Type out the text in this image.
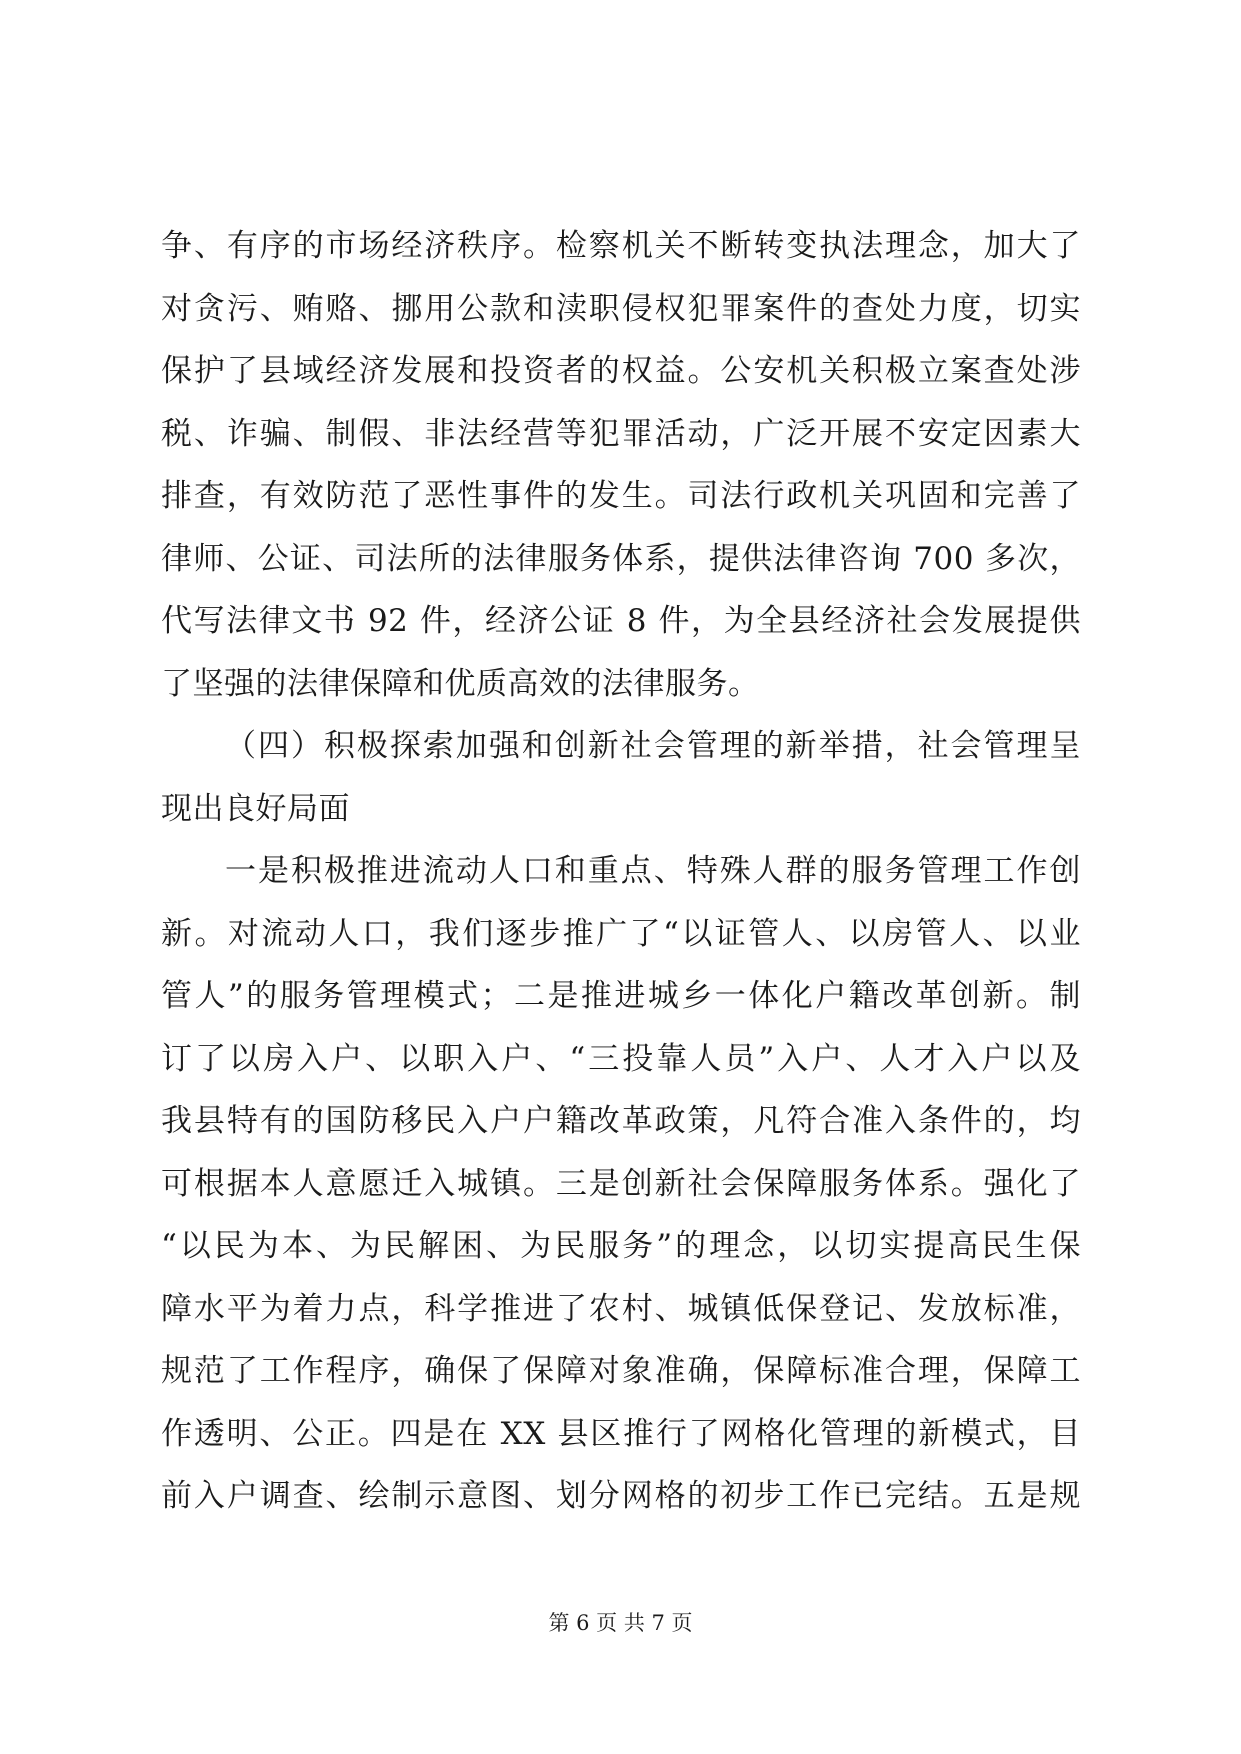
争、有序的市场经济秩序。检察机关不断转变执法理念，加大了
对贪污、贿赂、挪用公款和渎职侵权犯罪案件的查处力度，切实
保护了县域经济发展和投资者的权益。公安机关积极立案查处涉
税、诈骗、制假、非法经营等犯罪活动，广泛开展不安定因素大
排查，有效防范了恶性事件的发生。司法行政机关巩固和完善了
律师、公证、司法所的法律服务体系，提供法律咨询 700 多次，
代写法律文书 92 件，经济公证 8 件，为全县经济社会发展提供
了坚强的法律保障和优质高效的法律服务。
（四）积极探索加强和创新社会管理的新举措，社会管理呈
现出良好局面
一是积极推进流动人口和重点、特殊人群的服务管理工作创
新。对流动人口，我们逐步推广了“以证管人、以房管人、以业
管人”的服务管理模式；二是推进城乡一体化户籍改革创新。制
订了以房入户、以职入户、“三投靠人员”入户、人才入户以及
我县特有的国防移民入户户籍改革政策，凡符合准入条件的，均
可根据本人意愿迁入城镇。三是创新社会保障服务体系。强化了
“以民为本、为民解困、为民服务”的理念，以切实提高民生保
障水平为着力点，科学推进了农村、城镇低保登记、发放标准，
规范了工作程序，确保了保障对象准确，保障标准合理，保障工
作透明、公正。四是在 XX 县区推行了网格化管理的新模式，目
前入户调查、绘制示意图、划分网格的初步工作已完结。五是规
第 6 页 共 7 页
